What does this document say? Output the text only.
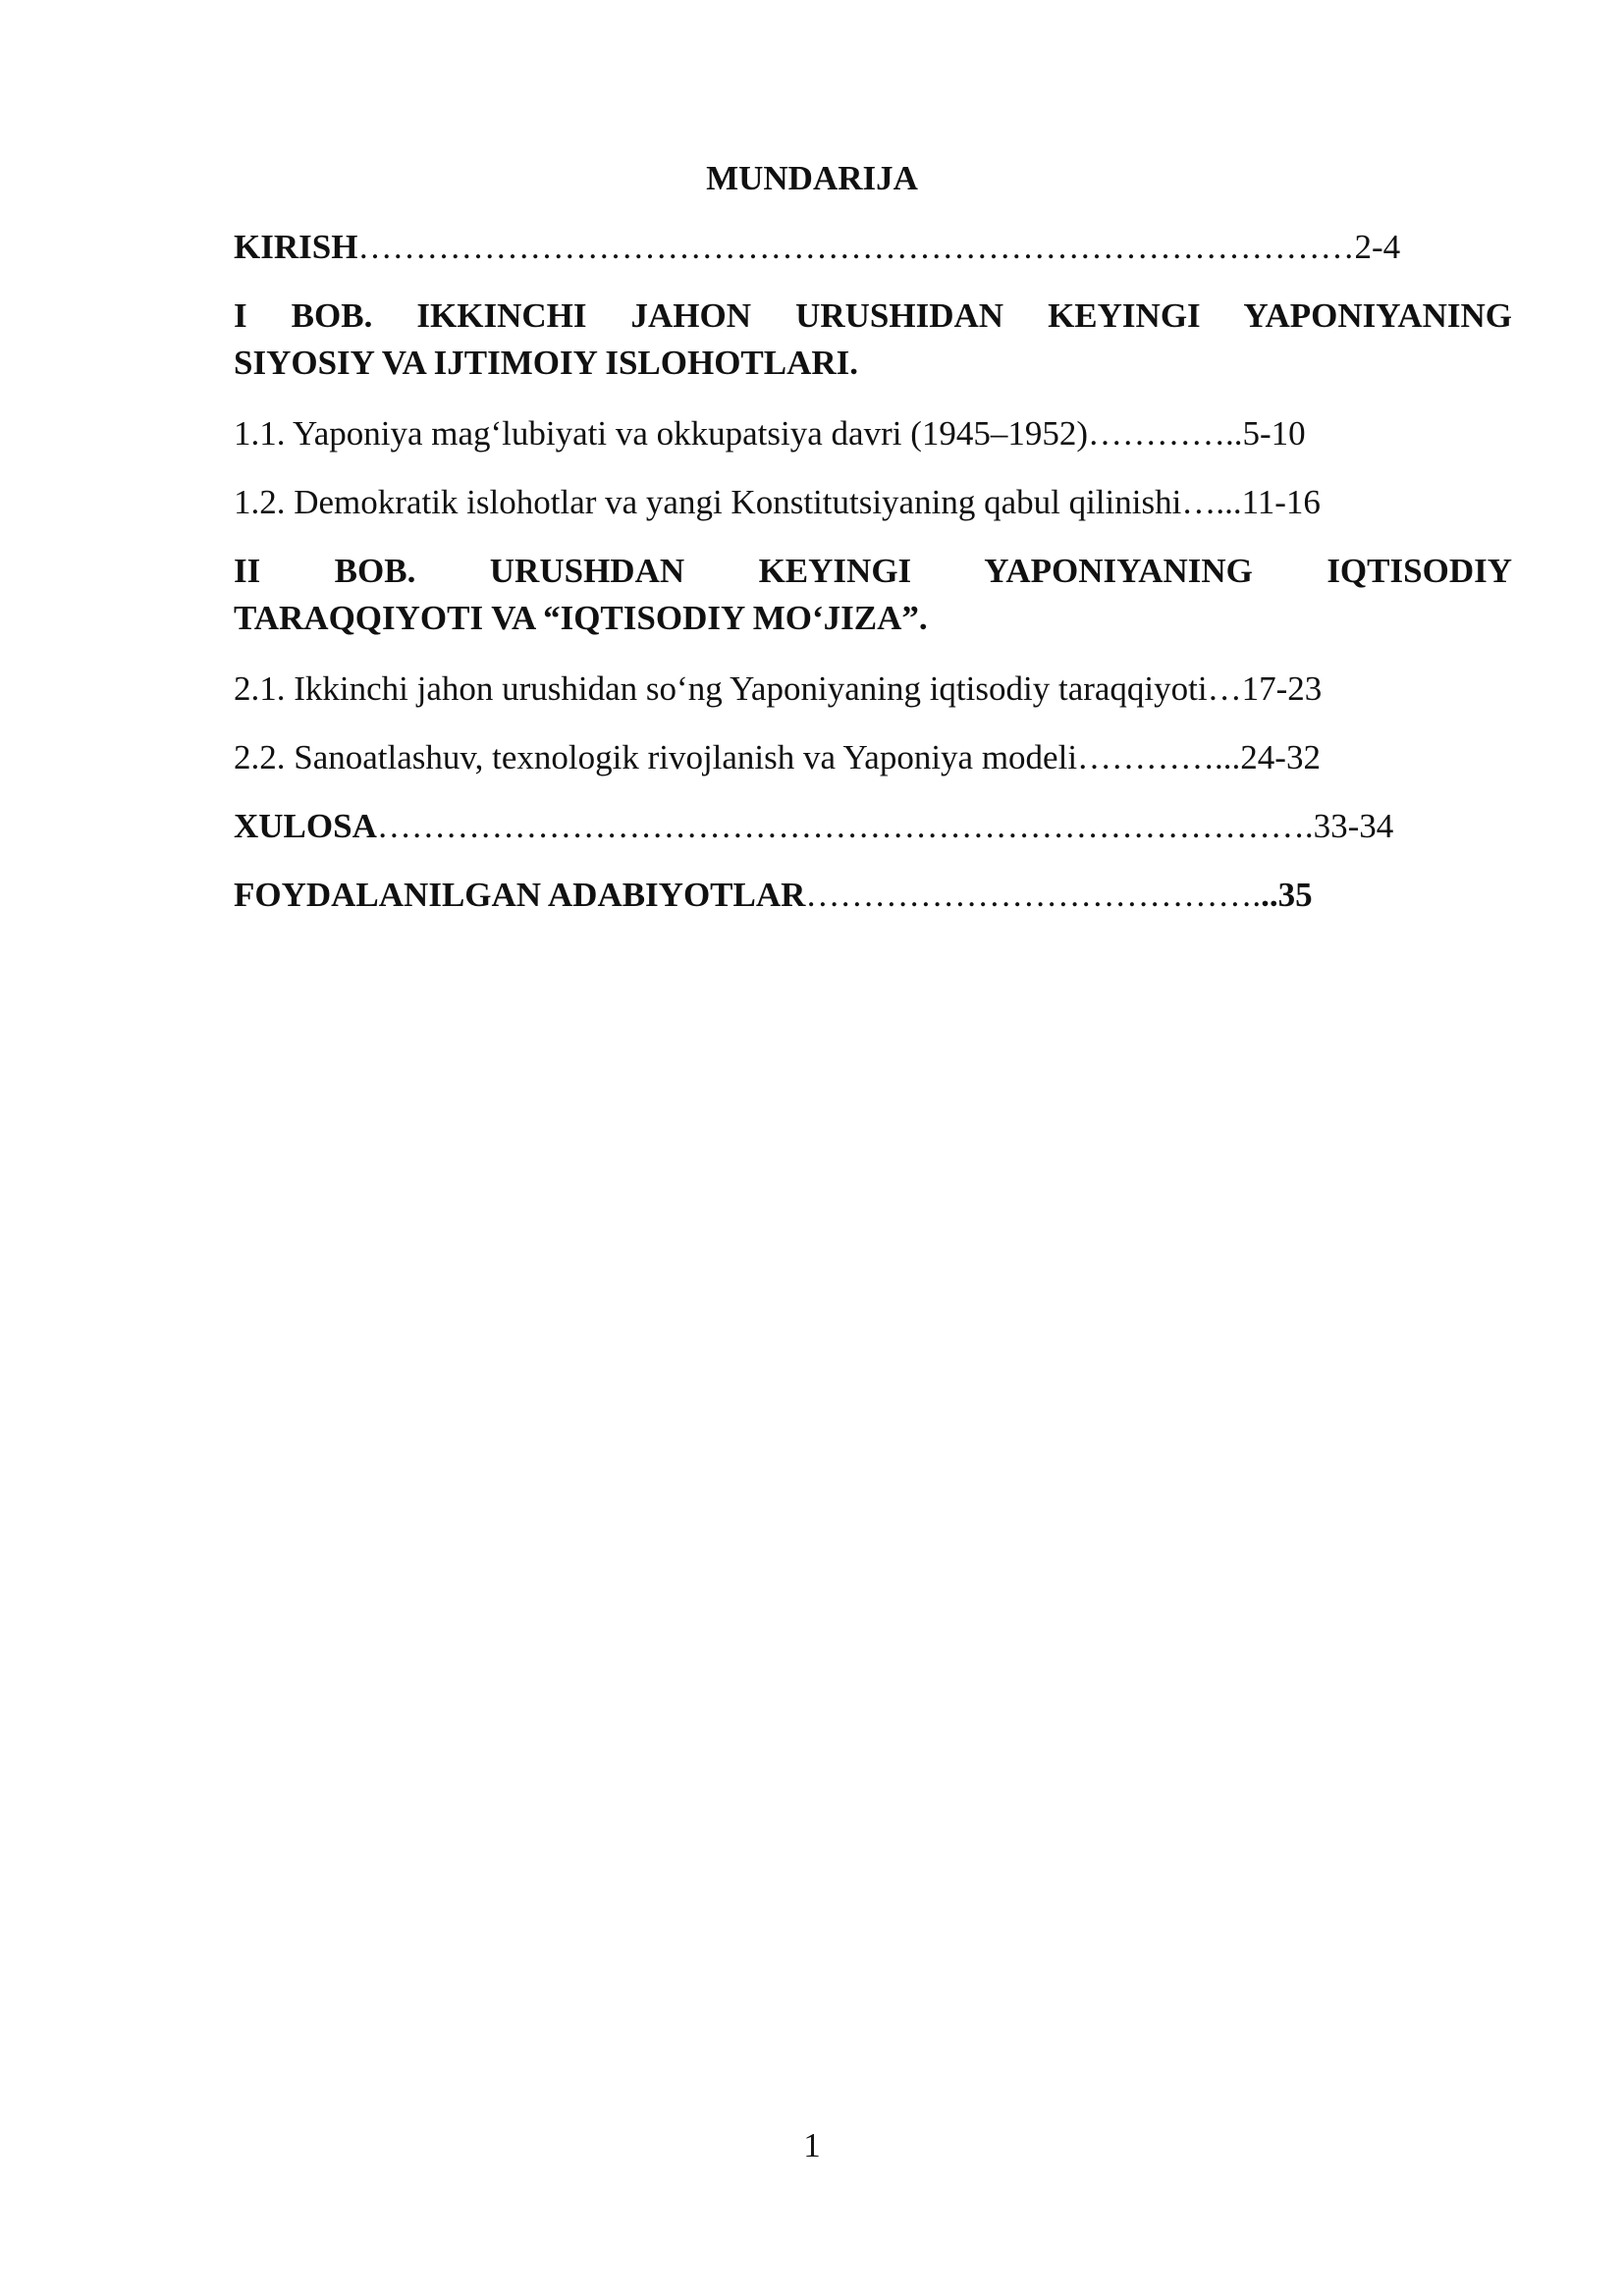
MUNDARIJA

KIRISH……………………………………………………………………………2-4

I BOB. IKKINCHI JAHON URUSHIDAN KEYINGI YAPONIYANING

SIYOSIY VA IJTIMOIY ISLOHOTLARI.

1.1. Yaponiya mag‘lubiyati va okkupatsiya davri (1945–1952)…………..5-10

1.2. Demokratik islohotlar va yangi Konstitutsiyaning qabul qilinishi…...11-16

II BOB. URUSHDAN KEYINGI YAPONIYANING IQTISODIY

TARAQQIYOTI VA “IQTISODIY MO‘JIZA”.

2.1. Ikkinchi jahon urushidan so‘ng Yaponiyaning iqtisodiy taraqqiyoti…17-23

2.2. Sanoatlashuv, texnologik rivojlanish va Yaponiya modeli…………...24-32

XULOSA……………………………………………………………………….33-34

FOYDALANILGAN ADABIYOTLAR…………………………………...35

1
